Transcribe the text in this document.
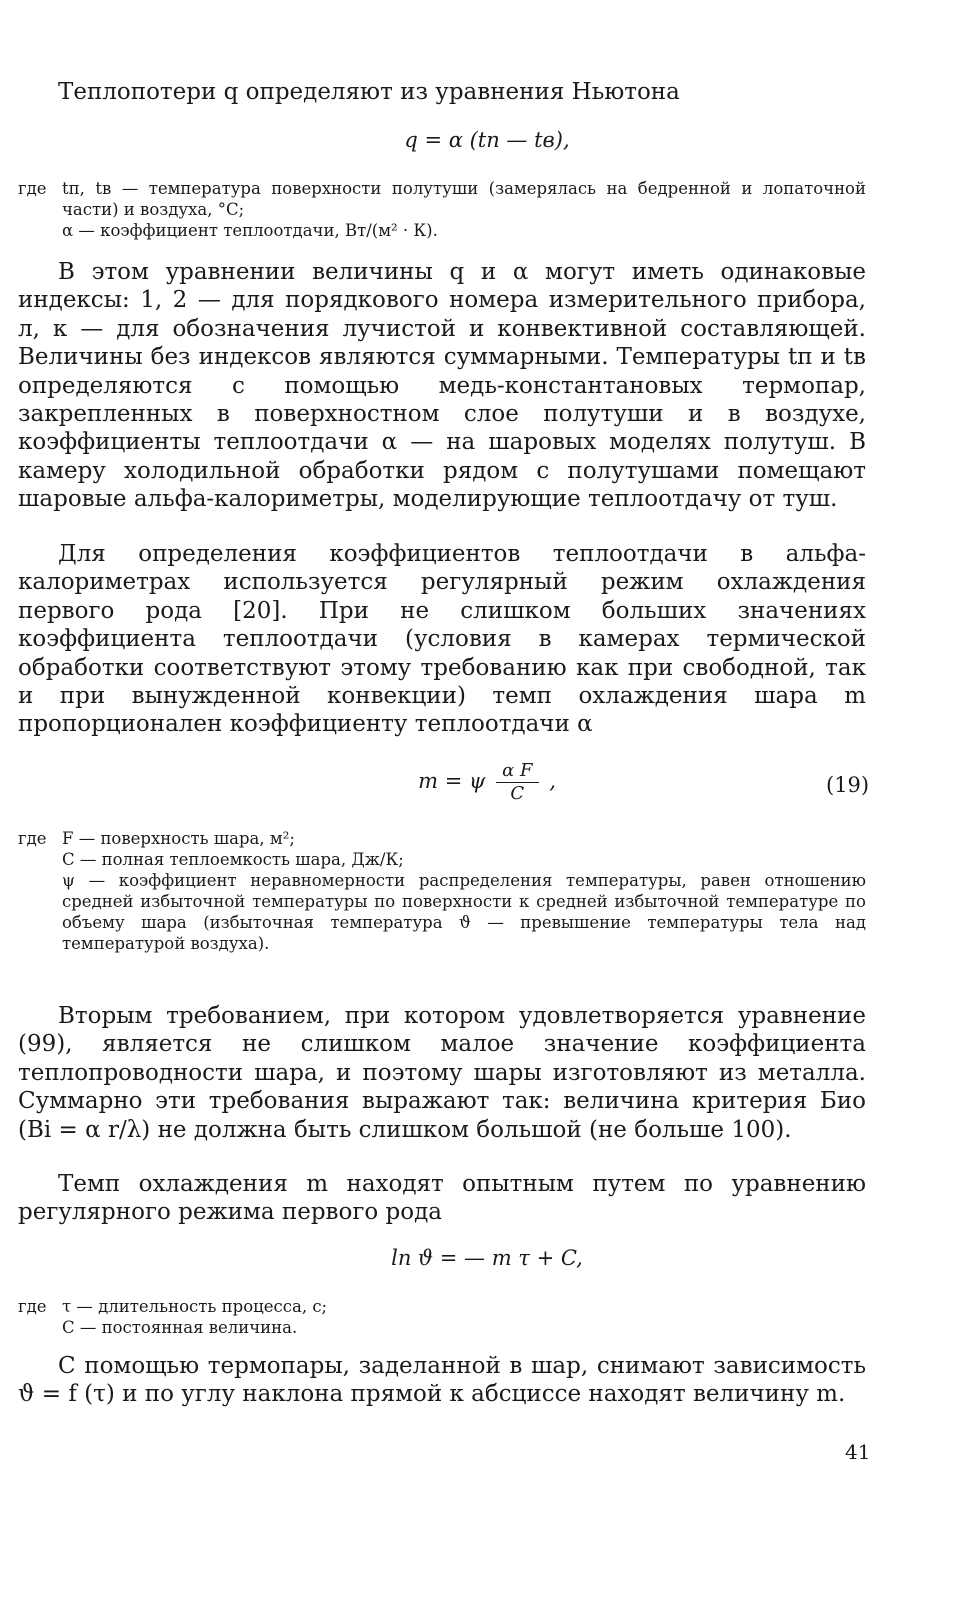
Теплопотери q определяют из уравнения Ньютона

q = α (tп — tв),

где tп, tв — температура поверхности полутуши (замерялась на бедренной и лопаточной части) и воздуха, °С;
α — коэффициент теплоотдачи, Вт/(м² · К).

В этом уравнении величины q и α могут иметь одинаковые индексы: 1, 2 — для порядкового номера измерительного прибора, л, к — для обозначения лучистой и конвективной составляющей. Величины без индексов являются суммарными. Температуры tп и tв определяются с помощью медь-константановых термопар, закрепленных в поверхностном слое полутуши и в воздухе, коэффициенты теплоотдачи α — на шаровых моделях полутуш. В камеру холодильной обработки рядом с полутушами помещают шаровые альфа-калориметры, моделирующие теплоотдачу от туш.

Для определения коэффициентов теплоотдачи в альфа-калориметрах используется регулярный режим охлаждения первого рода [20]. При не слишком больших значениях коэффициента теплоотдачи (условия в камерах термической обработки соответствуют этому требованию как при свободной, так и при вынужденной конвекции) темп охлаждения шара m пропорционален коэффициенту теплоотдачи α

m = ψ $\frac{\text{α F}}{C}$ ,	(19)
где F — поверхность шара, м²;
C — полная теплоемкость шара, Дж/К;
ψ — коэффициент неравномерности распределения температуры, равен отношению средней избыточной температуры по поверхности к средней избыточной температуре по объему шара (избыточная температура ϑ — превышение температуры тела над температурой воздуха).

Вторым требованием, при котором удовлетворяется уравнение (99), является не слишком малое значение коэффициента теплопроводности шара, и поэтому шары изготовляют из металла. Суммарно эти требования выражают так: величина критерия Био (Bi = α r/λ) не должна быть слишком большой (не больше 100).

Темп охлаждения m находят опытным путем по уравнению регулярного режима первого рода

ln ϑ = — m τ + C,

где τ — длительность процесса, с;
C — постоянная величина.

С помощью термопары, заделанной в шар, снимают зависимость ϑ = f (τ) и по углу наклона прямой к абсциссе находят величину m.

41
